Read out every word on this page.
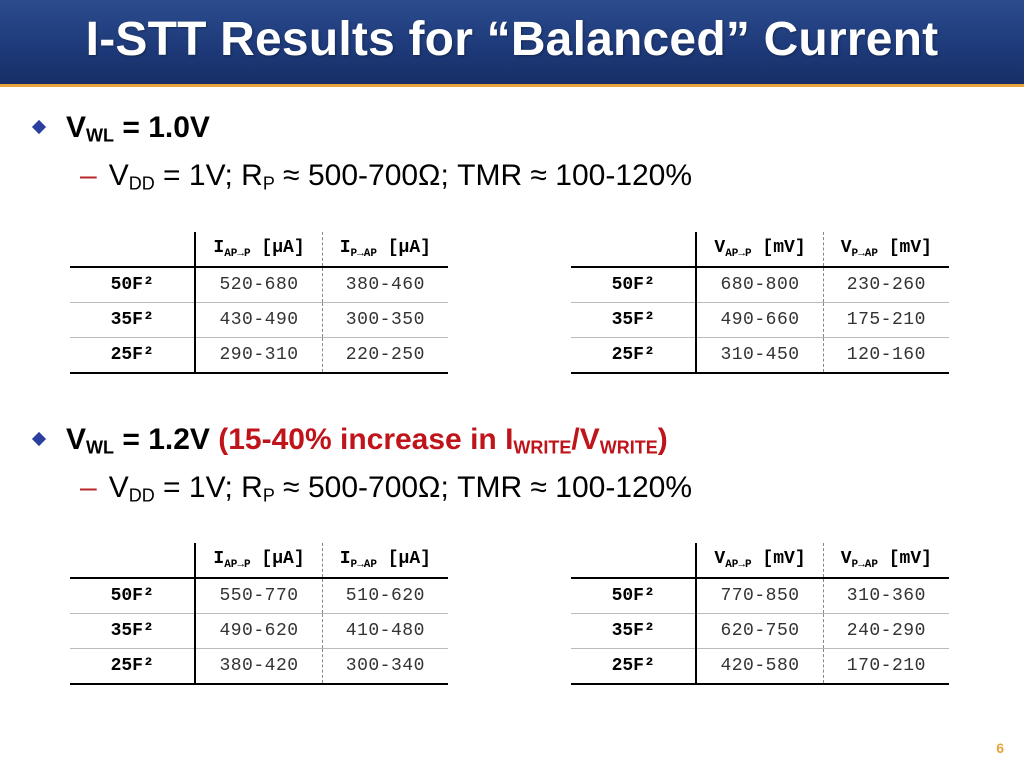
I-STT Results for “Balanced” Current
$V_{WL} = 1.0V$
– $V_{DD} = 1V$; $R_P \approx 500-700\Omega$; TMR ≈ 100-120%
	$I_{AP\to P}$ [μA]	$I_{P\to AP}$ [μA]
50F²	520-680	380-460
35F²	430-490	300-350
25F²	290-310	220-250
	$V_{AP\to P}$ [mV]	$V_{P\to AP}$ [mV]
50F²	680-800	230-260
35F²	490-660	175-210
25F²	310-450	120-160
$V_{WL} = 1.2V$ (15-40% increase in $I_{WRITE}/V_{WRITE}$)
– $V_{DD} = 1V$; $R_P \approx 500-700\Omega$; TMR ≈ 100-120%
	$I_{AP\to P}$ [μA]	$I_{P\to AP}$ [μA]
50F²	550-770	510-620
35F²	490-620	410-480
25F²	380-420	300-340
	$V_{AP\to P}$ [mV]	$V_{P\to AP}$ [mV]
50F²	770-850	310-360
35F²	620-750	240-290
25F²	420-580	170-210
6
